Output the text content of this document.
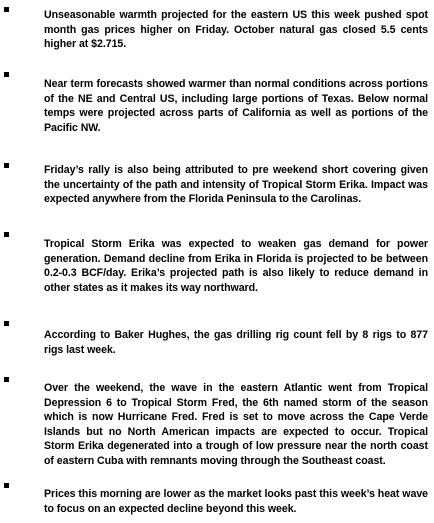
Unseasonable warmth projected for the eastern US this week pushed spot month gas prices higher on Friday. October natural gas closed 5.5 cents higher at $2.715.

Near term forecasts showed warmer than normal conditions across portions of the NE and Central US, including large portions of Texas. Below normal temps were projected across parts of California as well as portions of the Pacific NW.

Friday’s rally is also being attributed to pre weekend short covering given the uncertainty of the path and intensity of Tropical Storm Erika. Impact was expected anywhere from the Florida Peninsula to the Carolinas.

Tropical Storm Erika was expected to weaken gas demand for power generation. Demand decline from Erika in Florida is projected to be between 0.2-0.3 BCF/day. Erika’s projected path is also likely to reduce demand in other states as it makes its way northward.

According to Baker Hughes, the gas drilling rig count fell by 8 rigs to 877 rigs last week.

Over the weekend, the wave in the eastern Atlantic went from Tropical Depression 6 to Tropical Storm Fred, the 6th named storm of the season which is now Hurricane Fred. Fred is set to move across the Cape Verde Islands but no North American impacts are expected to occur. Tropical Storm Erika degenerated into a trough of low pressure near the north coast of eastern Cuba with remnants moving through the Southeast coast.

Prices this morning are lower as the market looks past this week’s heat wave to focus on an expected decline beyond this week.
